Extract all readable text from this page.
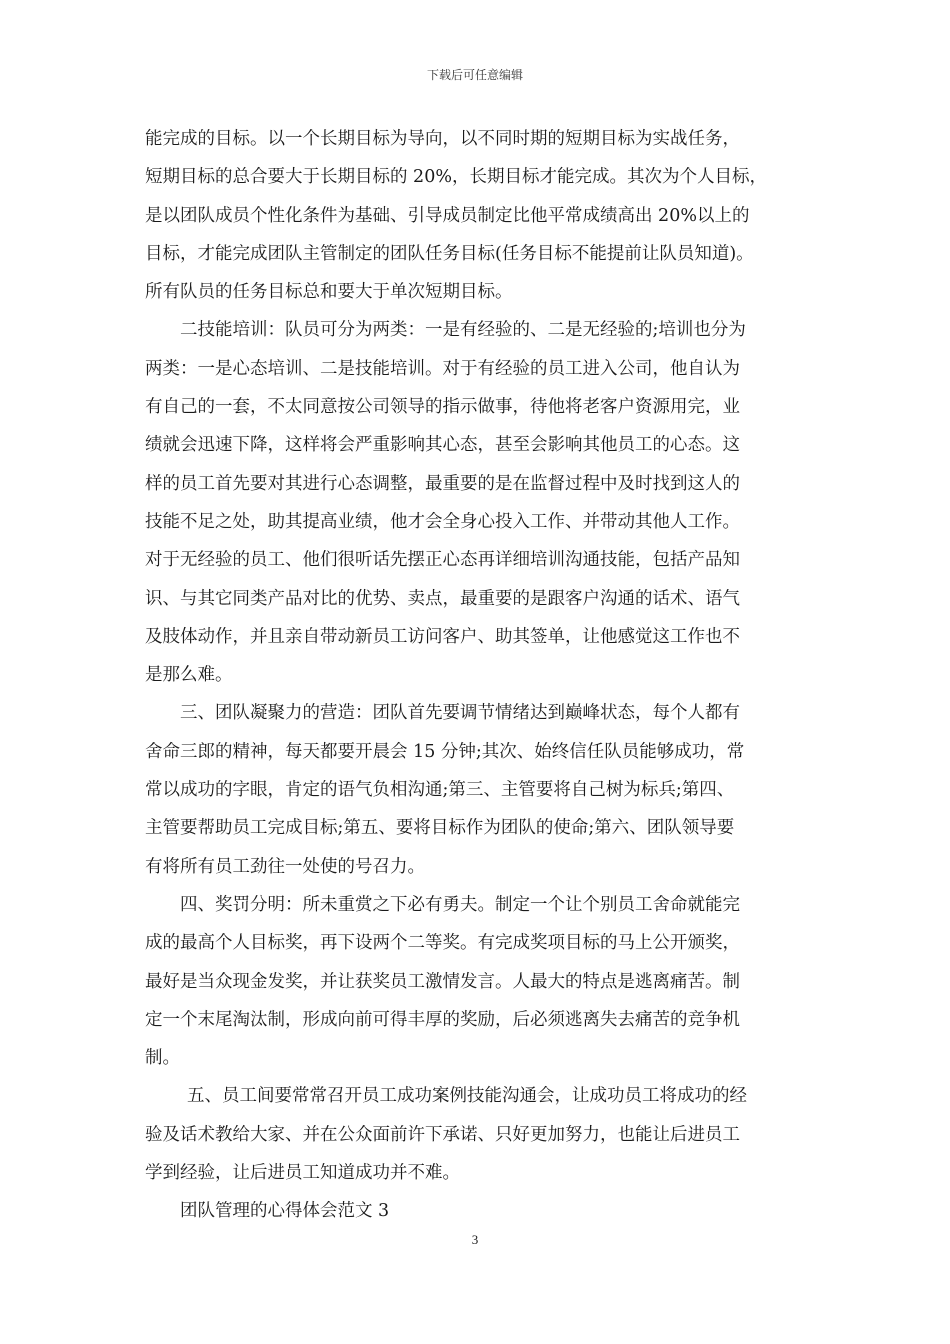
下载后可任意编辑

能完成的目标。以一个长期目标为导向，以不同时期的短期目标为实战任务，
短期目标的总合要大于长期目标的 20%，长期目标才能完成。其次为个人目标，
是以团队成员个性化条件为基础、引导成员制定比他平常成绩高出 20%以上的
目标，才能完成团队主管制定的团队任务目标(任务目标不能提前让队员知道)。
所有队员的任务目标总和要大于单次短期目标。

二技能培训：队员可分为两类：一是有经验的、二是无经验的;培训也分为
两类：一是心态培训、二是技能培训。对于有经验的员工进入公司，他自认为
有自己的一套，不太同意按公司领导的指示做事，待他将老客户资源用完，业
绩就会迅速下降，这样将会严重影响其心态，甚至会影响其他员工的心态。这
样的员工首先要对其进行心态调整，最重要的是在监督过程中及时找到这人的
技能不足之处，助其提高业绩，他才会全身心投入工作、并带动其他人工作。
对于无经验的员工、他们很听话先摆正心态再详细培训沟通技能，包括产品知
识、与其它同类产品对比的优势、卖点，最重要的是跟客户沟通的话术、语气
及肢体动作，并且亲自带动新员工访问客户、助其签单，让他感觉这工作也不
是那么难。

三、团队凝聚力的营造：团队首先要调节情绪达到巅峰状态，每个人都有
舍命三郎的精神，每天都要开晨会 15 分钟;其次、始终信任队员能够成功，常
常以成功的字眼，肯定的语气负相沟通;第三、主管要将自己树为标兵;第四、
主管要帮助员工完成目标;第五、要将目标作为团队的使命;第六、团队领导要
有将所有员工劲往一处使的号召力。

四、奖罚分明：所未重赏之下必有勇夫。制定一个让个别员工舍命就能完
成的最高个人目标奖，再下设两个二等奖。有完成奖项目标的马上公开颁奖，
最好是当众现金发奖，并让获奖员工激情发言。人最大的特点是逃离痛苦。制
定一个末尾淘汰制，形成向前可得丰厚的奖励，后必须逃离失去痛苦的竞争机
制。

五、员工间要常常召开员工成功案例技能沟通会，让成功员工将成功的经
验及话术教给大家、并在公众面前许下承诺、只好更加努力，也能让后进员工
学到经验，让后进员工知道成功并不难。

团队管理的心得体会范文 3

3
